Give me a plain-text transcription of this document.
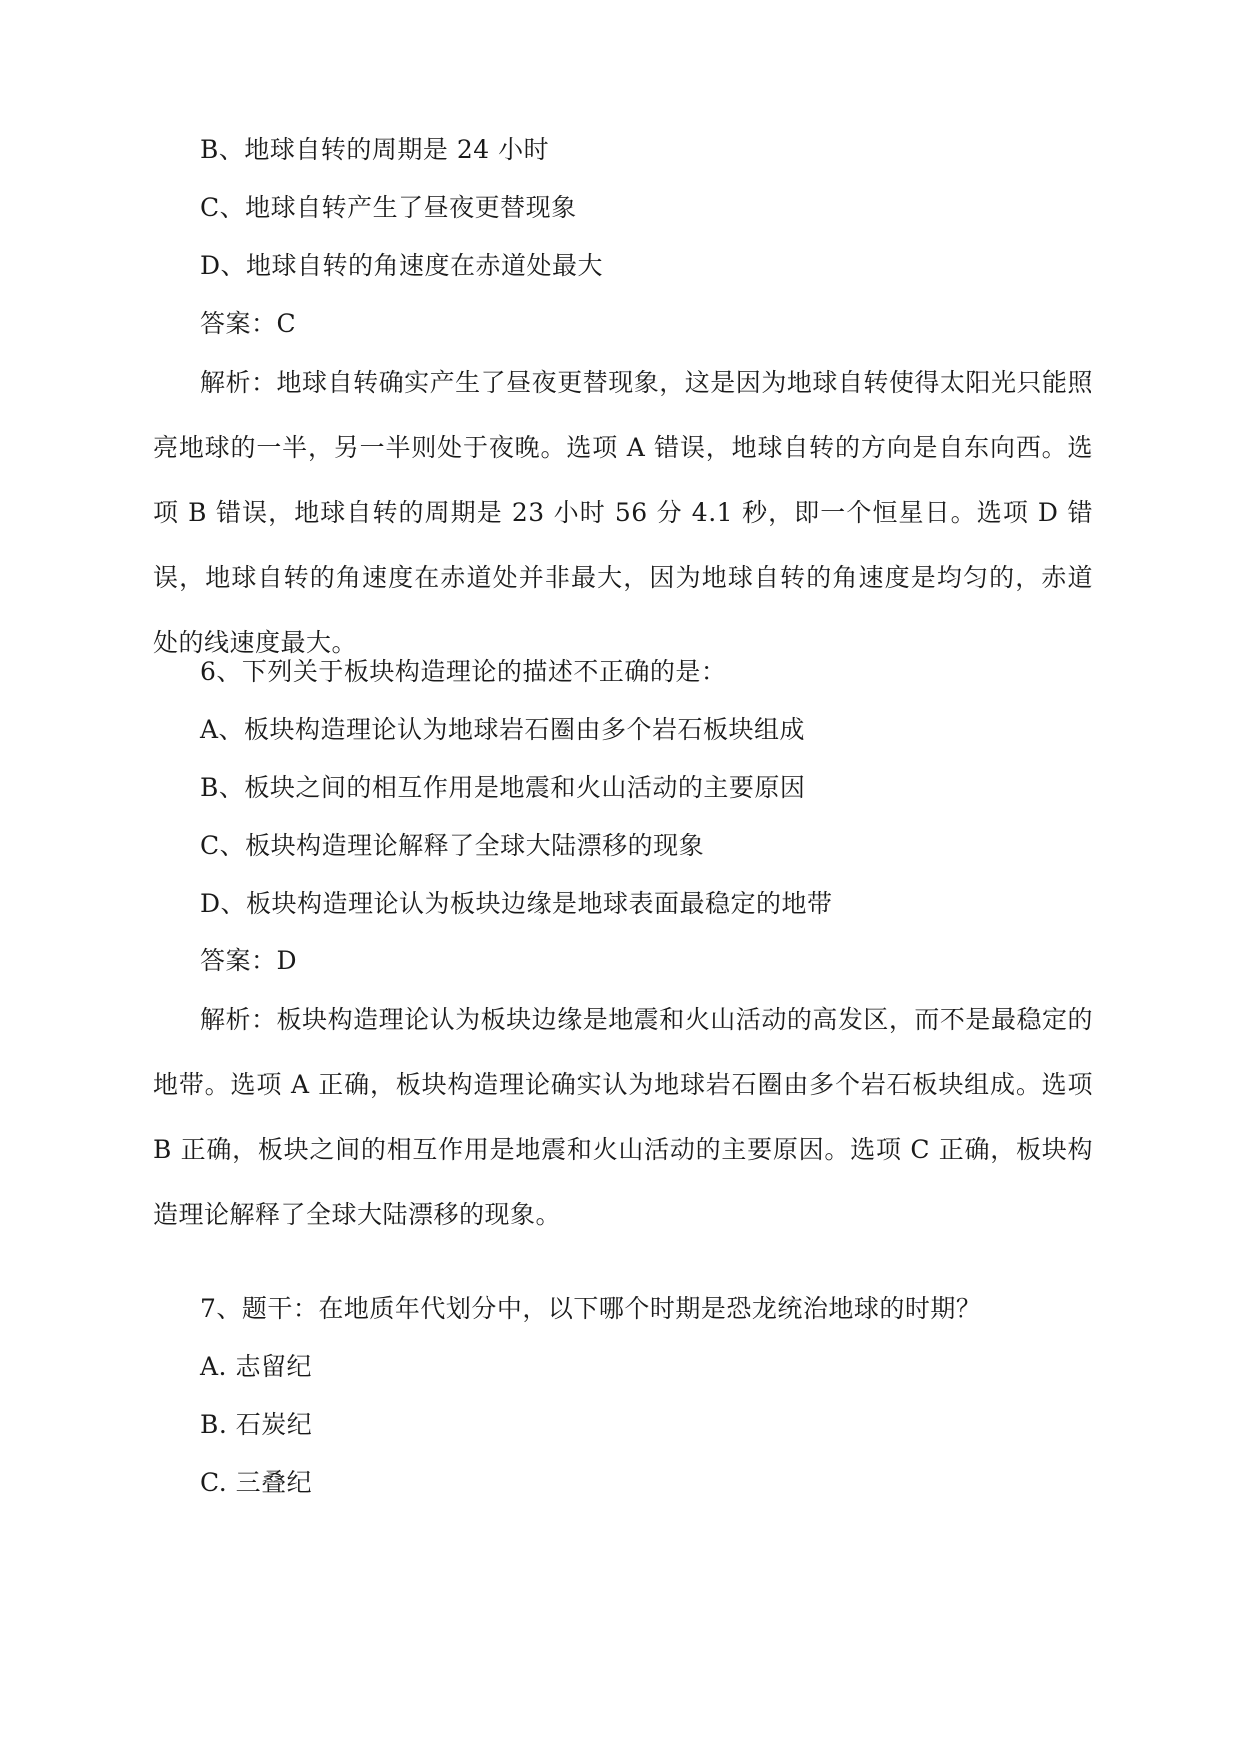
B、地球自转的周期是 24 小时
C、地球自转产生了昼夜更替现象
D、地球自转的角速度在赤道处最大
答案：C
解析：地球自转确实产生了昼夜更替现象，这是因为地球自转使得太阳光只能照亮地球的一半，另一半则处于夜晚。选项 A 错误，地球自转的方向是自东向西。选项 B 错误，地球自转的周期是 23 小时 56 分 4.1 秒，即一个恒星日。选项 D 错误，地球自转的角速度在赤道处并非最大，因为地球自转的角速度是均匀的，赤道处的线速度最大。
6、下列关于板块构造理论的描述不正确的是：
A、板块构造理论认为地球岩石圈由多个岩石板块组成
B、板块之间的相互作用是地震和火山活动的主要原因
C、板块构造理论解释了全球大陆漂移的现象
D、板块构造理论认为板块边缘是地球表面最稳定的地带
答案：D
解析：板块构造理论认为板块边缘是地震和火山活动的高发区，而不是最稳定的地带。选项 A 正确，板块构造理论确实认为地球岩石圈由多个岩石板块组成。选项 B 正确，板块之间的相互作用是地震和火山活动的主要原因。选项 C 正确，板块构造理论解释了全球大陆漂移的现象。
7、题干：在地质年代划分中，以下哪个时期是恐龙统治地球的时期？
A. 志留纪
B. 石炭纪
C. 三叠纪
